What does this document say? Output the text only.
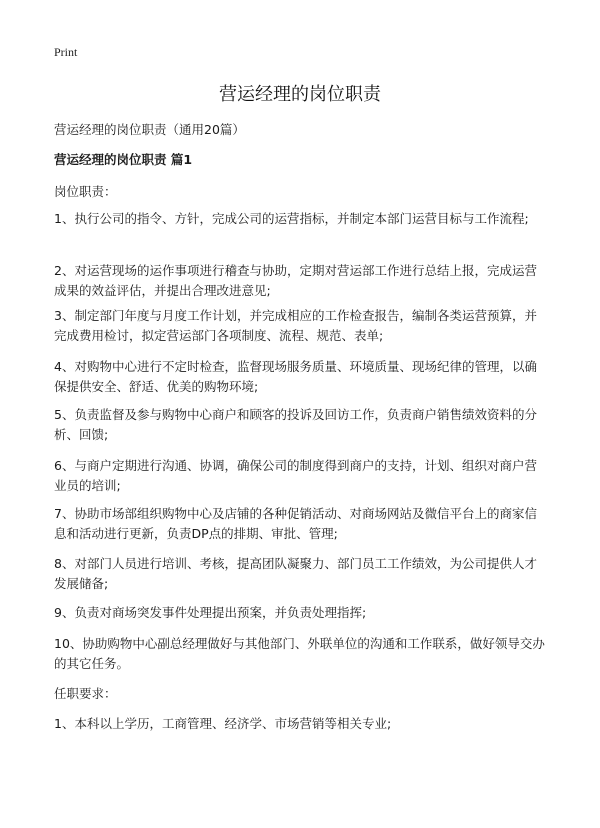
Print
营运经理的岗位职责
营运经理的岗位职责（通用20篇）
营运经理的岗位职责 篇1
岗位职责：

1、执行公司的指令、方针，完成公司的运营指标，并制定本部门运营目标与工作流程;

2、对运营现场的运作事项进行稽查与协助，定期对营运部工作进行总结上报，完成运营成果的效益评估，并提出合理改进意见;

3、制定部门年度与月度工作计划，并完成相应的工作检查报告，编制各类运营预算，并完成费用检讨，拟定营运部门各项制度、流程、规范、表单;

4、对购物中心进行不定时检查，监督现场服务质量、环境质量、现场纪律的管理，以确保提供安全、舒适、优美的购物环境;

5、负责监督及参与购物中心商户和顾客的投诉及回访工作，负责商户销售绩效资料的分析、回馈;

6、与商户定期进行沟通、协调，确保公司的制度得到商户的支持，计划、组织对商户营业员的培训;

7、协助市场部组织购物中心及店铺的各种促销活动、对商场网站及微信平台上的商家信息和活动进行更新，负责DP点的排期、审批、管理;

8、对部门人员进行培训、考核，提高团队凝聚力、部门员工工作绩效，为公司提供人才发展储备;

9、负责对商场突发事件处理提出预案，并负责处理指挥;

10、协助购物中心副总经理做好与其他部门、外联单位的沟通和工作联系，做好领导交办的其它任务。

任职要求：

1、本科以上学历，工商管理、经济学、市场营销等相关专业;
